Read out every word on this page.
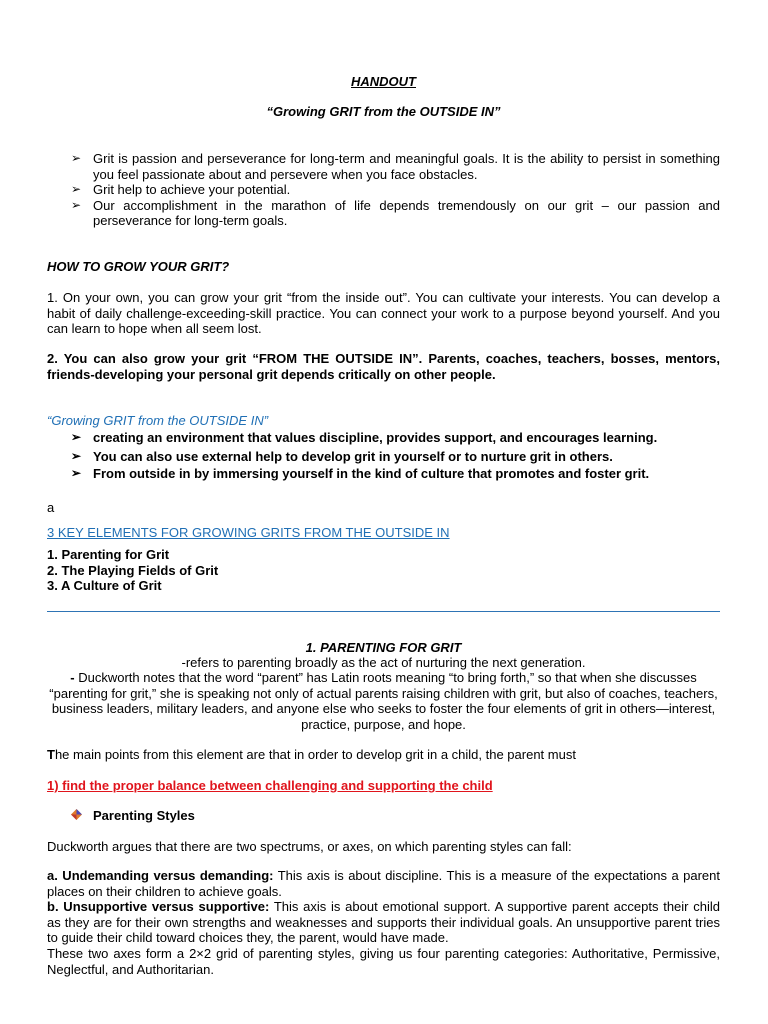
HANDOUT
“Growing GRIT from the OUTSIDE IN”
➢ Grit is passion and perseverance for long-term and meaningful goals. It is the ability to persist in something you feel passionate about and persevere when you face obstacles.
➢ Grit help to achieve your potential.
➢ Our accomplishment in the marathon of life depends tremendously on our grit – our passion and perseverance for long-term goals.
HOW TO GROW YOUR GRIT?
1. On your own, you can grow your grit “from the inside out”. You can cultivate your interests. You can develop a habit of daily challenge-exceeding-skill practice. You can connect your work to a purpose beyond yourself. And you can learn to hope when all seem lost.
2. You can also grow your grit “FROM THE OUTSIDE IN”. Parents, coaches, teachers, bosses, mentors, friends-developing your personal grit depends critically on other people.
“Growing GRIT from the OUTSIDE IN”
➢ creating an environment that values discipline, provides support, and encourages learning.
➢ You can also use external help to develop grit in yourself or to nurture grit in others.
➢ From outside in by immersing yourself in the kind of culture that promotes and foster grit.
a
3 KEY ELEMENTS FOR GROWING GRITS FROM THE OUTSIDE IN
1. Parenting for Grit
2. The Playing Fields of Grit
3. A Culture of Grit
1. PARENTING FOR GRIT
-refers to parenting broadly as the act of nurturing the next generation.
- Duckworth notes that the word “parent” has Latin roots meaning “to bring forth,” so that when she discusses “parenting for grit,” she is speaking not only of actual parents raising children with grit, but also of coaches, teachers, business leaders, military leaders, and anyone else who seeks to foster the four elements of grit in others—interest, practice, purpose, and hope.
The main points from this element are that in order to develop grit in a child, the parent must
1) find the proper balance between challenging and supporting the child
Parenting Styles
Duckworth argues that there are two spectrums, or axes, on which parenting styles can fall:
a. Undemanding versus demanding: This axis is about discipline. This is a measure of the expectations a parent places on their children to achieve goals.
b. Unsupportive versus supportive: This axis is about emotional support. A supportive parent accepts their child as they are for their own strengths and weaknesses and supports their individual goals. An unsupportive parent tries to guide their child toward choices they, the parent, would have made.
These two axes form a 2×2 grid of parenting styles, giving us four parenting categories: Authoritative, Permissive, Neglectful, and Authoritarian.
